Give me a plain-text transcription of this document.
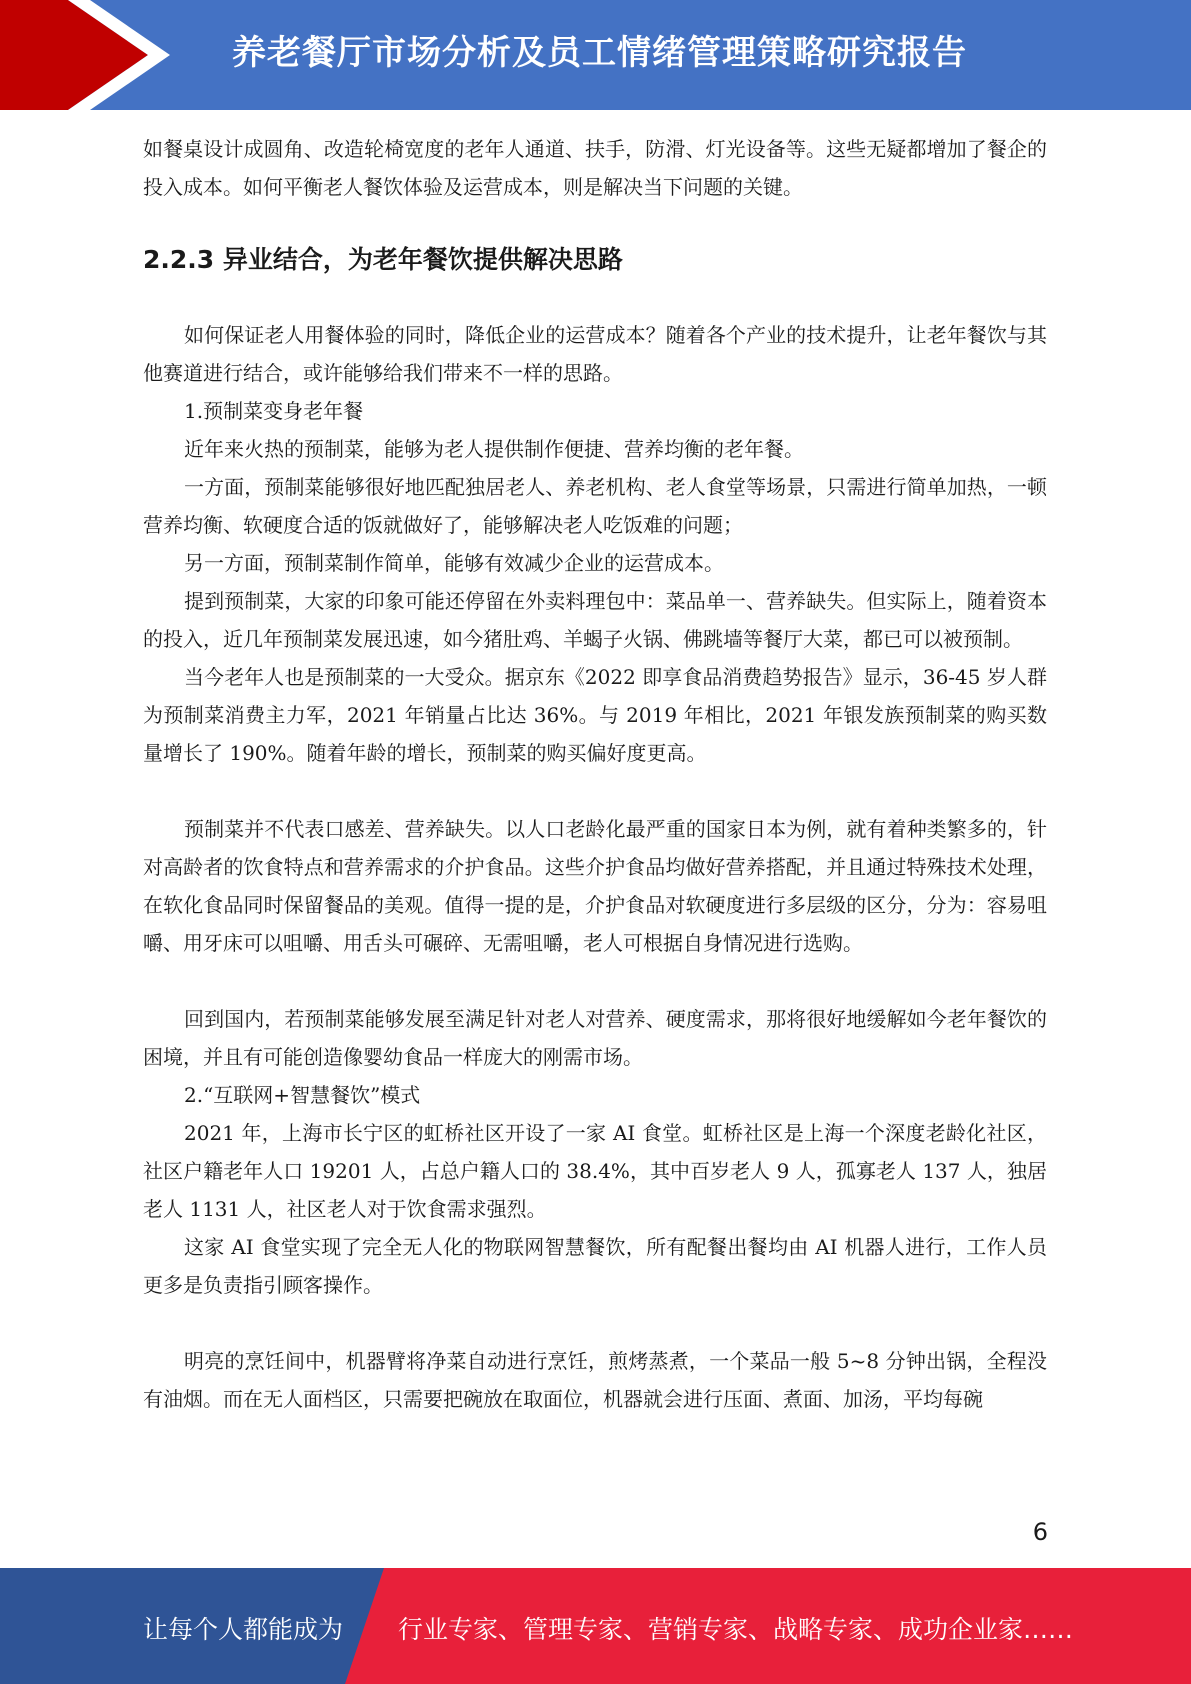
养老餐厅市场分析及员工情绪管理策略研究报告

如餐桌设计成圆角、改造轮椅宽度的老年人通道、扶手，防滑、灯光设备等。这些无疑都增加了餐企的投入成本。如何平衡老人餐饮体验及运营成本，则是解决当下问题的关键。

2.2.3 异业结合，为老年餐饮提供解决思路

如何保证老人用餐体验的同时，降低企业的运营成本？随着各个产业的技术提升，让老年餐饮与其他赛道进行结合，或许能够给我们带来不一样的思路。

1.预制菜变身老年餐

近年来火热的预制菜，能够为老人提供制作便捷、营养均衡的老年餐。

一方面，预制菜能够很好地匹配独居老人、养老机构、老人食堂等场景，只需进行简单加热，一顿营养均衡、软硬度合适的饭就做好了，能够解决老人吃饭难的问题；

另一方面，预制菜制作简单，能够有效减少企业的运营成本。

提到预制菜，大家的印象可能还停留在外卖料理包中：菜品单一、营养缺失。但实际上，随着资本的投入，近几年预制菜发展迅速，如今猪肚鸡、羊蝎子火锅、佛跳墙等餐厅大菜，都已可以被预制。

当今老年人也是预制菜的一大受众。据京东《2022 即享食品消费趋势报告》显示，36-45 岁人群为预制菜消费主力军，2021 年销量占比达 36%。与 2019 年相比，2021 年银发族预制菜的购买数量增长了 190%。随着年龄的增长，预制菜的购买偏好度更高。

预制菜并不代表口感差、营养缺失。以人口老龄化最严重的国家日本为例，就有着种类繁多的，针对高龄者的饮食特点和营养需求的介护食品。这些介护食品均做好营养搭配，并且通过特殊技术处理，在软化食品同时保留餐品的美观。值得一提的是，介护食品对软硬度进行多层级的区分，分为：容易咀嚼、用牙床可以咀嚼、用舌头可碾碎、无需咀嚼，老人可根据自身情况进行选购。

回到国内，若预制菜能够发展至满足针对老人对营养、硬度需求，那将很好地缓解如今老年餐饮的困境，并且有可能创造像婴幼食品一样庞大的刚需市场。

2.“互联网+智慧餐饮”模式

2021 年，上海市长宁区的虹桥社区开设了一家 AI 食堂。虹桥社区是上海一个深度老龄化社区，社区户籍老年人口 19201 人，占总户籍人口的 38.4%，其中百岁老人 9 人，孤寡老人 137 人，独居老人 1131 人，社区老人对于饮食需求强烈。

这家 AI 食堂实现了完全无人化的物联网智慧餐饮，所有配餐出餐均由 AI 机器人进行，工作人员更多是负责指引顾客操作。

明亮的烹饪间中，机器臂将净菜自动进行烹饪，煎烤蒸煮，一个菜品一般 5~8 分钟出锅，全程没有油烟。而在无人面档区，只需要把碗放在取面位，机器就会进行压面、煮面、加汤，平均每碗

6
让每个人都能成为 行业专家、管理专家、营销专家、战略专家、成功企业家……
